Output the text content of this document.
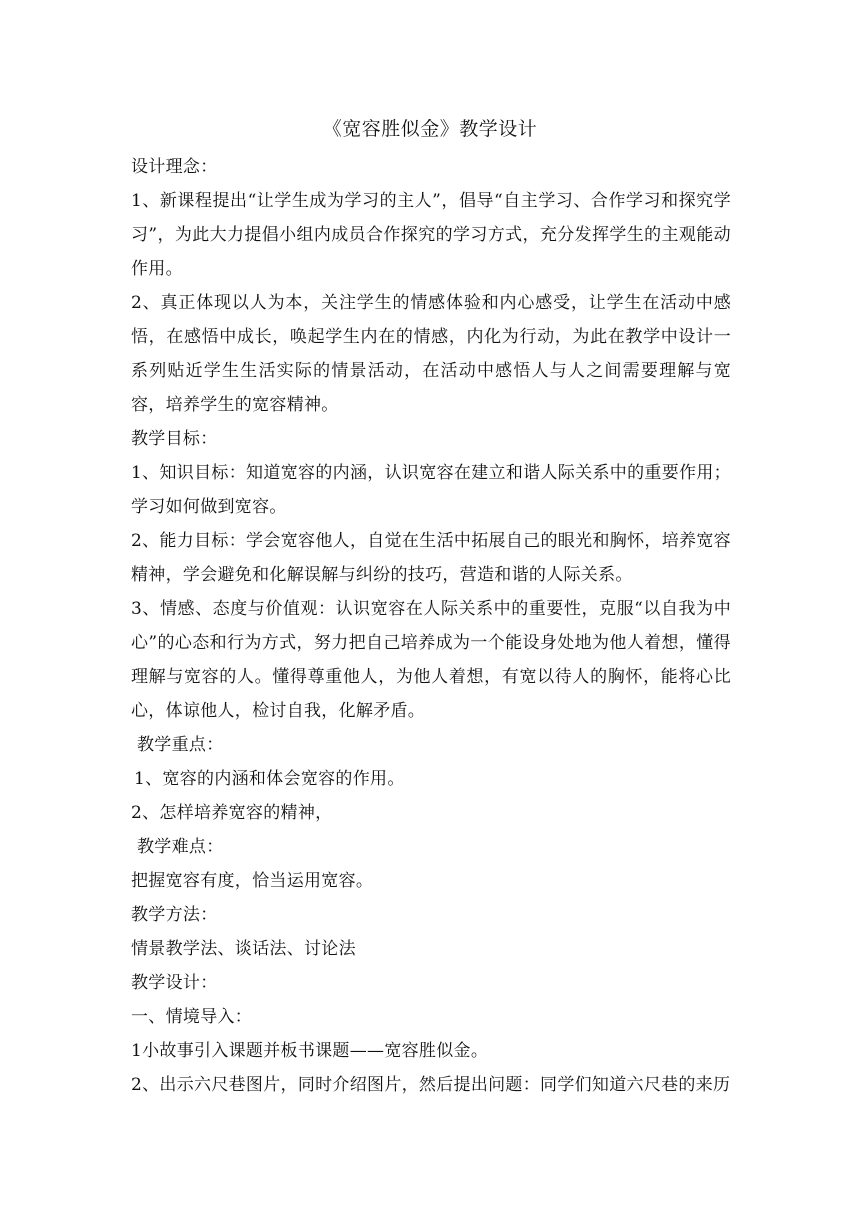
《宽容胜似金》教学设计

设计理念：

1、新课程提出“让学生成为学习的主人”，倡导“自主学习、合作学习和探究学习”，为此大力提倡小组内成员合作探究的学习方式，充分发挥学生的主观能动作用。

2、真正体现以人为本，关注学生的情感体验和内心感受，让学生在活动中感悟，在感悟中成长，唤起学生内在的情感，内化为行动，为此在教学中设计一系列贴近学生生活实际的情景活动，在活动中感悟人与人之间需要理解与宽容，培养学生的宽容精神。

教学目标：

1、知识目标：知道宽容的内涵，认识宽容在建立和谐人际关系中的重要作用；学习如何做到宽容。

2、能力目标：学会宽容他人，自觉在生活中拓展自己的眼光和胸怀，培养宽容精神，学会避免和化解误解与纠纷的技巧，营造和谐的人际关系。

3、情感、态度与价值观：认识宽容在人际关系中的重要性，克服“以自我为中心”的心态和行为方式，努力把自己培养成为一个能设身处地为他人着想，懂得理解与宽容的人。懂得尊重他人，为他人着想，有宽以待人的胸怀，能将心比心，体谅他人，检讨自我，化解矛盾。

教学重点：

1、宽容的内涵和体会宽容的作用。

2、怎样培养宽容的精神，

教学难点：

把握宽容有度，恰当运用宽容。

教学方法：

情景教学法、谈话法、讨论法

教学设计：

一、情境导入：

1小故事引入课题并板书课题——宽容胜似金。

2、出示六尺巷图片，同时介绍图片，然后提出问题：同学们知道六尺巷的来历
